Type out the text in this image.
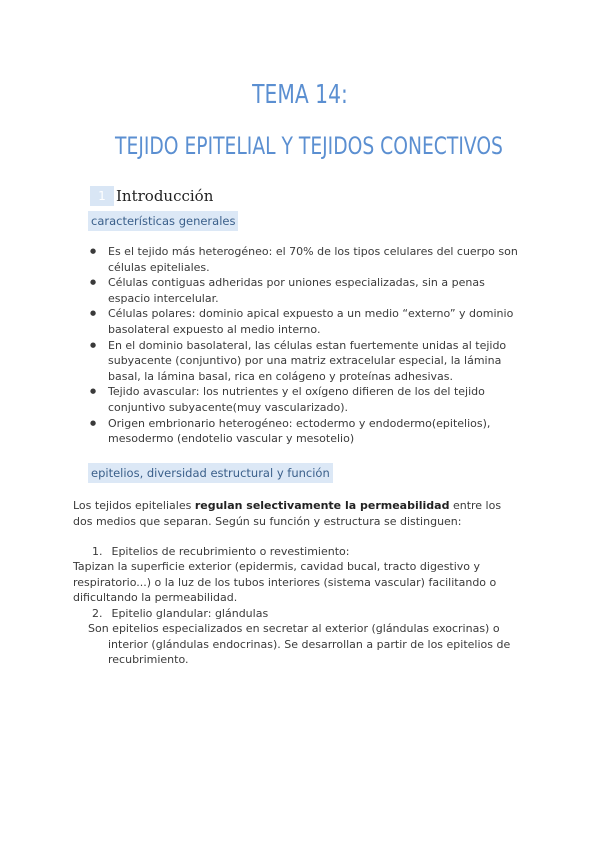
TEMA 14:
TEJIDO EPITELIAL Y TEJIDOS CONECTIVOS
1 Introducción
características generales
● Es el tejido más heterogéneo: el 70% de los tipos celulares del cuerpo son células epiteliales.
● Células contiguas adheridas por uniones especializadas, sin a penas espacio intercelular.
● Células polares: dominio apical expuesto a un medio “externo” y dominio basolateral expuesto al medio interno.
● En el dominio basolateral, las células estan fuertemente unidas al tejido subyacente (conjuntivo) por una matriz extracelular especial, la lámina basal, la lámina basal, rica en colágeno y proteínas adhesivas.
● Tejido avascular: los nutrientes y el oxígeno difieren de los del tejido conjuntivo subyacente(muy vascularizado).
● Origen embrionario heterogéneo: ectodermo y endodermo(epitelios), mesodermo (endotelio vascular y mesotelio)
epitelios, diversidad estructural y función
Los tejidos epiteliales regulan selectivamente la permeabilidad entre los dos medios que separan. Según su función y estructura se distinguen:
1. Epitelios de recubrimiento o revestimiento:
Tapizan la superficie exterior (epidermis, cavidad bucal, tracto digestivo y respiratorio...) o la luz de los tubos interiores (sistema vascular) facilitando o dificultando la permeabilidad.
2. Epitelio glandular: glándulas
Son epitelios especializados en secretar al exterior (glándulas exocrinas) o
interior (glándulas endocrinas). Se desarrollan a partir de los epitelios de recubrimiento.
